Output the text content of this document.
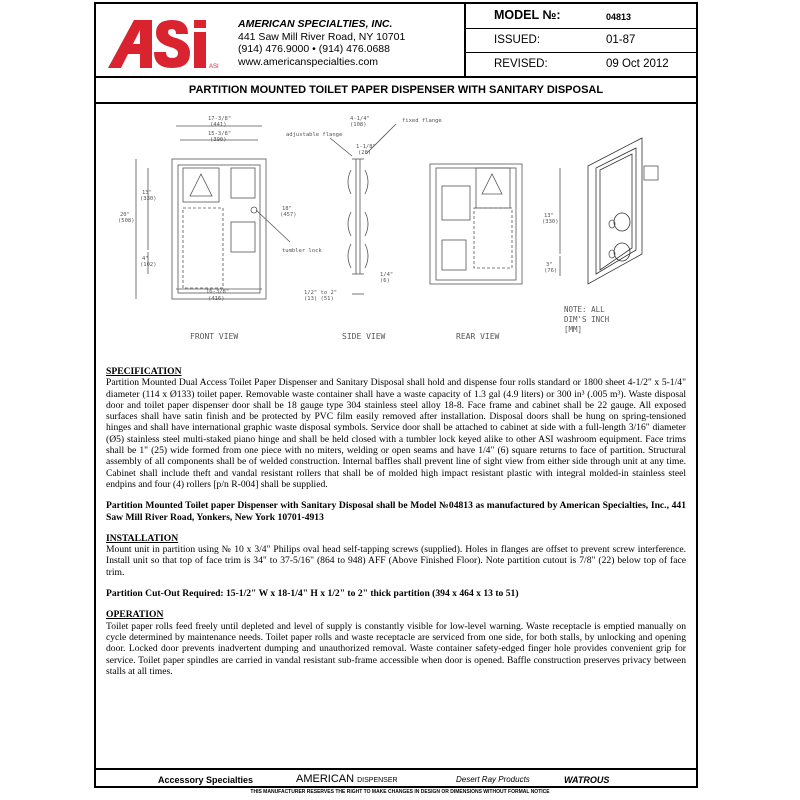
ASI
AMERICAN SPECIALTIES, INC.
441 Saw Mill River Road, NY 10701
(914) 476.9000 • (914) 476.0688
www.americanspecialties.com
MODEL №:	04813
ISSUED:	01-87
REVISED:	09 Oct 2012
PARTITION MOUNTED TOILET PAPER DISPENSER WITH SANITARY DISPOSAL
17-3/8"
(441)
15-3/8"
(390)
20"
(508)
13"
(330)
4"
(102)
18"
(457)
16-3/8"
(416)
tumbler lock
adjustable flange
4-1/4"
(108)
fixed flange
1-1/8"
(28)
1/4"
(6)
1/2" to 2"
(13) (51)
13"
(330)
3"
(76)
FRONT VIEW	SIDE VIEW	REAR VIEW
NOTE: ALL DIM'S INCH [MM]

SPECIFICATION
Partition Mounted Dual Access Toilet Paper Dispenser and Sanitary Disposal shall hold and dispense four rolls standard or 1800 sheet 4-1/2" x 5-1/4" diameter (114 x Ø133) toilet paper. Removable waste container shall have a waste capacity of 1.3 gal (4.9 liters) or 300 in³ (.005 m³). Waste disposal door and toilet paper dispenser door shall be 18 gauge type 304 stainless steel alloy 18-8. Face frame and cabinet shall be 22 gauge. All exposed surfaces shall have satin finish and be protected by PVC film easily removed after installation. Disposal doors shall be hung on spring-tensioned hinges and shall have international graphic waste disposal symbols. Service door shall be attached to cabinet at side with a full-length 3/16" diameter (Ø5) stainless steel multi-staked piano hinge and shall be held closed with a tumbler lock keyed alike to other ASI washroom equipment. Face trims shall be 1" (25) wide formed from one piece with no miters, welding or open seams and have 1/4" (6) square returns to face of partition. Structural assembly of all components shall be of welded construction. Internal baffles shall prevent line of sight view from either side through unit at any time. Cabinet shall include theft and vandal resistant rollers that shall be of molded high impact resistant plastic with integral molded-in stainless steel endpins and four (4) rollers [p/n R-004] shall be supplied.

Partition Mounted Toilet paper Dispenser with Sanitary Disposal shall be Model №04813 as manufactured by American Specialties, Inc., 441 Saw Mill River Road, Yonkers, New York 10701-4913

INSTALLATION
Mount unit in partition using № 10 x 3/4" Philips oval head self-tapping screws (supplied). Holes in flanges are offset to prevent screw interference. Install unit so that top of face trim is 34" to 37-5/16" (864 to 948) AFF (Above Finished Floor). Note partition cutout is 7/8" (22) below top of face trim.

Partition Cut-Out Required: 15-1/2" W x 18-1/4" H x 1/2" to 2" thick partition (394 x 464 x 13 to 51)

OPERATION
Toilet paper rolls feed freely until depleted and level of supply is constantly visible for low-level warning. Waste receptacle is emptied manually on cycle determined by maintenance needs. Toilet paper rolls and waste receptacle are serviced from one side, for both stalls, by unlocking and opening door. Locked door prevents inadvertent dumping and unauthorized removal. Waste container safety-edged finger hole provides convenient grip for service. Toilet paper spindles are carried in vandal resistant sub-frame accessible when door is opened. Baffle construction preserves privacy between stalls at all times.

Accessory Specialties	AMERICAN DISPENSER	Desert Ray Products	WATROUS
THIS MANUFACTURER RESERVES THE RIGHT TO MAKE CHANGES IN DESIGN OR DIMENSIONS WITHOUT FORMAL NOTICE
